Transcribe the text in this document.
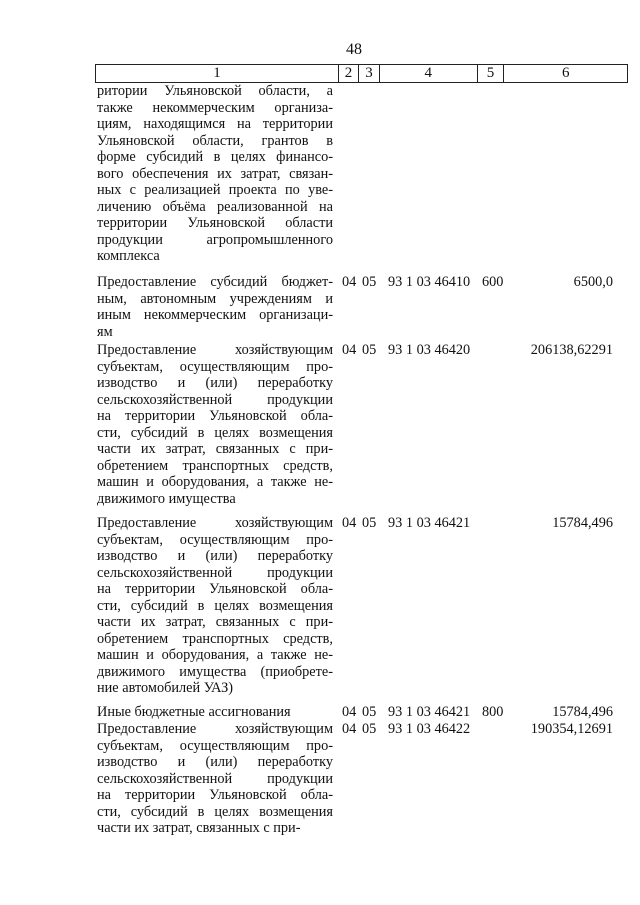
48
1	2 3	4	5	6
ритории Ульяновской области, а
также некоммерческим организа-
циям, находящимся на территории
Ульяновской области, грантов в
форме субсидий в целях финансо-
вого обеспечения их затрат, связан-
ных с реализацией проекта по уве-
личению объёма реализованной на
территории Ульяновской области
продукции агропромышленного
комплекса
Предоставление субсидий бюджет-
ным, автономным учреждениям и
иным некоммерческим организаци-
ям
04 05 93 1 03 46410 600	6500,0
Предоставление хозяйствующим
субъектам, осуществляющим про-
изводство и (или) переработку
сельскохозяйственной продукции
на территории Ульяновской обла-
сти, субсидий в целях возмещения
части их затрат, связанных с при-
обретением транспортных средств,
машин и оборудования, а также не-
движимого имущества
04 05 93 1 03 46420	206138,62291
Предоставление хозяйствующим
субъектам, осуществляющим про-
изводство и (или) переработку
сельскохозяйственной продукции
на территории Ульяновской обла-
сти, субсидий в целях возмещения
части их затрат, связанных с при-
обретением транспортных средств,
машин и оборудования, а также не-
движимого имущества (приобрете-
ние автомобилей УАЗ)
04 05 93 1 03 46421	15784,496
Иные бюджетные ассигнования	04 05 93 1 03 46421 800	15784,496
Предоставление хозяйствующим
субъектам, осуществляющим про-
изводство и (или) переработку
сельскохозяйственной продукции
на территории Ульяновской обла-
сти, субсидий в целях возмещения
части их затрат, связанных с при-
04 05 93 1 03 46422	190354,12691
